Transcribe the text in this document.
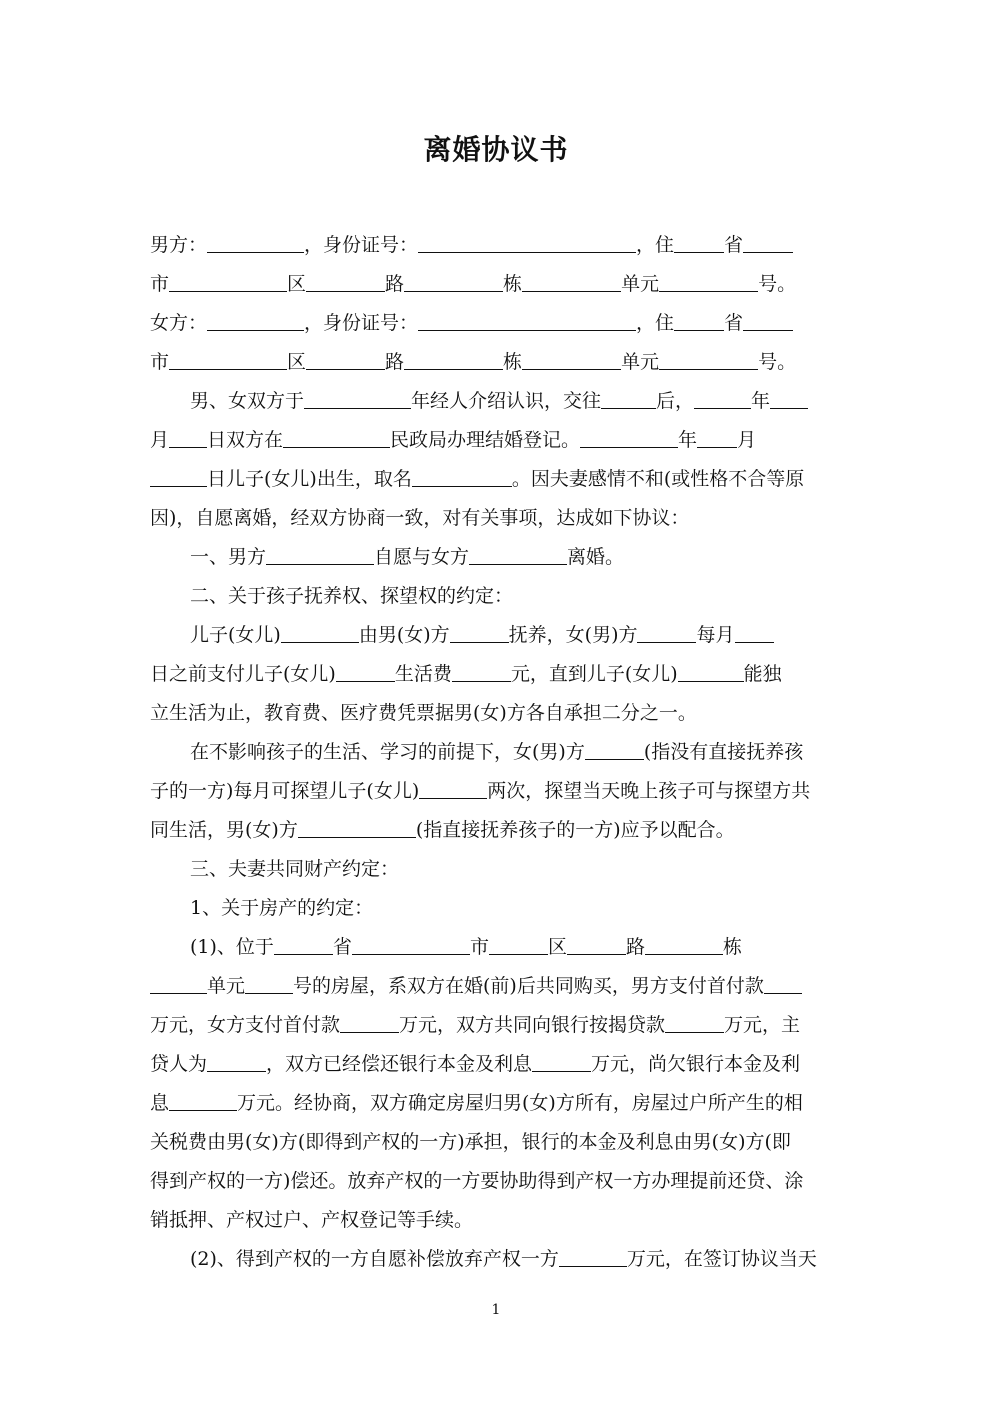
离婚协议书

男方：	，身份证号：	，住	省

市	区	路	栋	单元	号。

女方：	，身份证号：	，住	省

市	区	路	栋	单元	号。

男、女双方于	年经人介绍认识，交往	后，	年

月 日双方在	民政局办理结婚登记。	年 月

日儿子(女儿)出生，取名	。因夫妻感情不和(或性格不合等原

因)，自愿离婚，经双方协商一致，对有关事项，达成如下协议：

一、男方	自愿与女方	离婚。

二、关于孩子抚养权、探望权的约定：

儿子(女儿)	由男(女)方	抚养，女(男)方	每月

日之前支付儿子(女儿)	生活费	元，直到儿子(女儿)	能独

立生活为止，教育费、医疗费凭票据男(女)方各自承担二分之一。

在不影响孩子的生活、学习的前提下，女(男)方	(指没有直接抚养孩

子的一方)每月可探望儿子(女儿)	两次，探望当天晚上孩子可与探望方共

同生活，男(女)方	(指直接抚养孩子的一方)应予以配合。

三、夫妻共同财产约定：

1、关于房产的约定：

(1)、位于	省	市	区	路	栋

单元	号的房屋，系双方在婚(前)后共同购买，男方支付首付款

万元，女方支付首付款	万元，双方共同向银行按揭贷款	万元，主

贷人为	，双方已经偿还银行本金及利息	万元，尚欠银行本金及利

息	万元。经协商，双方确定房屋归男(女)方所有，房屋过户所产生的相

关税费由男(女)方(即得到产权的一方)承担，银行的本金及利息由男(女)方(即

得到产权的一方)偿还。放弃产权的一方要协助得到产权一方办理提前还贷、涂

销抵押、产权过户、产权登记等手续。

(2)、得到产权的一方自愿补偿放弃产权一方	万元，在签订协议当天

1
